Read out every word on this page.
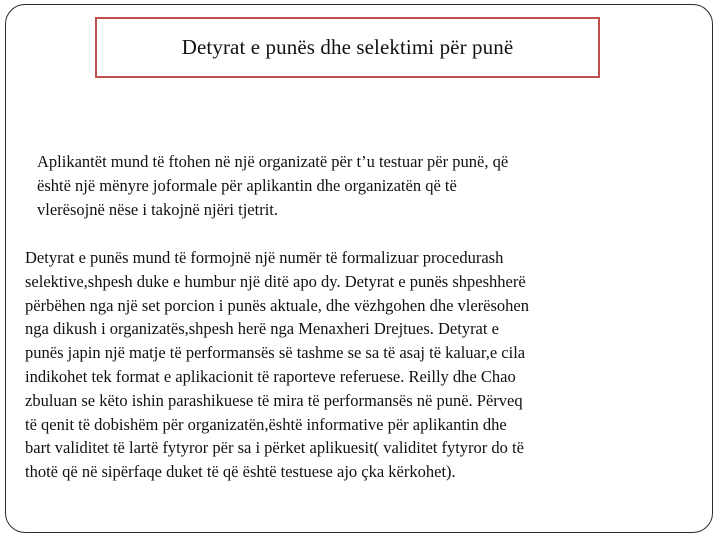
Detyrat e punës dhe selektimi për punë

Aplikantët mund të ftohen në një organizatë për t’u testuar për punë, që
është një mënyre joformale për aplikantin dhe organizatën që të
vlerësojnë nëse i takojnë njëri tjetrit.

Detyrat e punës mund të formojnë një numër të formalizuar procedurash
selektive,shpesh duke e humbur një ditë apo dy. Detyrat e punës shpeshherë
përbëhen nga një set porcion i punës aktuale, dhe vëzhgohen dhe vlerësohen
nga dikush i organizatës,shpesh herë nga Menaxheri Drejtues. Detyrat e
punës japin një matje të performansës së tashme se sa të asaj të kaluar,e cila
indikohet tek format e aplikacionit të raporteve referuese. Reilly dhe Chao
zbuluan se këto ishin parashikuese të mira të performansës në punë. Përveq
të qenit të dobishëm për organizatën,është informative për aplikantin dhe
bart validitet të lartë fytyror për sa i përket aplikuesit( validitet fytyror do të
thotë që në sipërfaqe duket të që është testuese ajo çka kërkohet).
